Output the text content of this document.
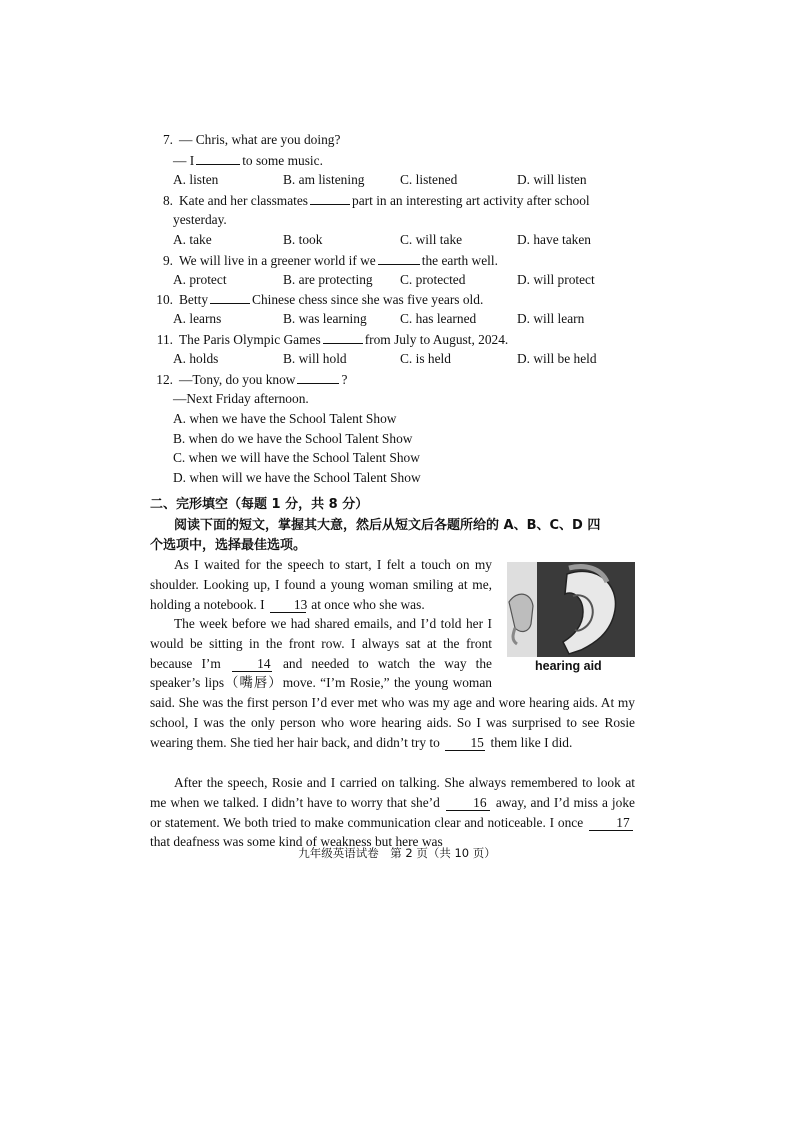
7. — Chris, what are you doing?
— I	to some music.
A. listen	B. am listening	C. listened	D. will listen
8. Kate and her classmates	part in an interesting art activity after school
yesterday.
A. take	B. took	C. will take	D. have taken
9. We will live in a greener world if we	the earth well.
A. protect	B. are protecting C. protected	D. will protect
10. Betty	Chinese chess since she was five years old.
A. learns	B. was learning C. has learned	D. will learn
11. The Paris Olympic Games	from July to August, 2024.
A. holds	B. will hold	C. is held	D. will be held
12. —Tony, do you know	?
—Next Friday afternoon.
A. when we have the School Talent Show
B. when do we have the School Talent Show
C. when we will have the School Talent Show
D. when will we have the School Talent Show
二、完形填空（每题 1 分，共 8 分）
阅读下面的短文，掌握其大意，然后从短文后各题所给的 A、B、C、D 四
个选项中，选择最佳选项。
hearing aid

As I waited for the speech to start, I felt a touch on my shoulder. Looking up, I found a young woman smiling at me, holding a notebook. I 13 at once who she was.

The week before we had shared emails, and I’d told her I would be sitting in the front row. I always sat at the front because I’m	14 and needed to watch the way the speaker’s lips（嘴唇）move. “I’m Rosie,” the young woman said. She was the first person I’d ever met who was my age and wore hearing aids. At my school, I was the only person who wore hearing aids. So I was surprised to see Rosie wearing them. She tied her hair back, and didn’t try to 15 them like I did.

After the speech, Rosie and I carried on talking. She always remembered to look at me when we talked. I didn’t have to worry that she’d 16 away, and I’d miss a joke or statement. We both tried to make communication clear and noticeable. I once 17 that deafness was some kind of weakness but here was

九年级英语试卷　第 2 页（共 10 页）
